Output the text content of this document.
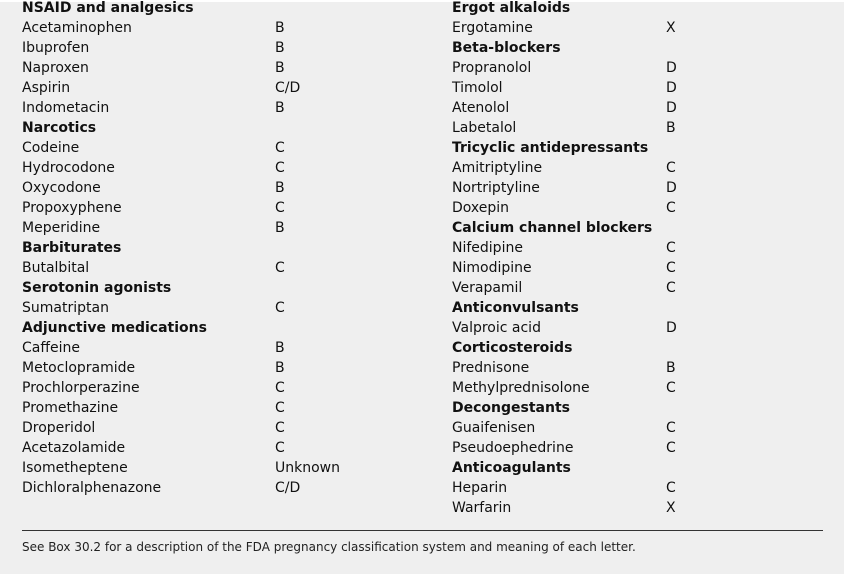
NSAID and analgesics
Acetaminophen	B
Ibuprofen	B
Naproxen	B
Aspirin	C/D
Indometacin	B
Narcotics
Codeine	C
Hydrocodone	C
Oxycodone	B
Propoxyphene	C
Meperidine	B
Barbiturates
Butalbital	C
Serotonin agonists
Sumatriptan	C
Adjunctive medications
Caffeine	B
Metoclopramide	B
Prochlorperazine	C
Promethazine	C
Droperidol	C
Acetazolamide	C
Isometheptene	Unknown
Dichloralphenazone	C/D
Ergot alkaloids
Ergotamine	X
Beta-blockers
Propranolol	D
Timolol	D
Atenolol	D
Labetalol	B
Tricyclic antidepressants
Amitriptyline	C
Nortriptyline	D
Doxepin	C
Calcium channel blockers
Nifedipine	C
Nimodipine	C
Verapamil	C
Anticonvulsants
Valproic acid	D
Corticosteroids
Prednisone	B
Methylprednisolone	C
Decongestants
Guaifenisen	C
Pseudoephedrine	C
Anticoagulants
Heparin	C
Warfarin	X
See Box 30.2 for a description of the FDA pregnancy classification system and meaning of each letter.
